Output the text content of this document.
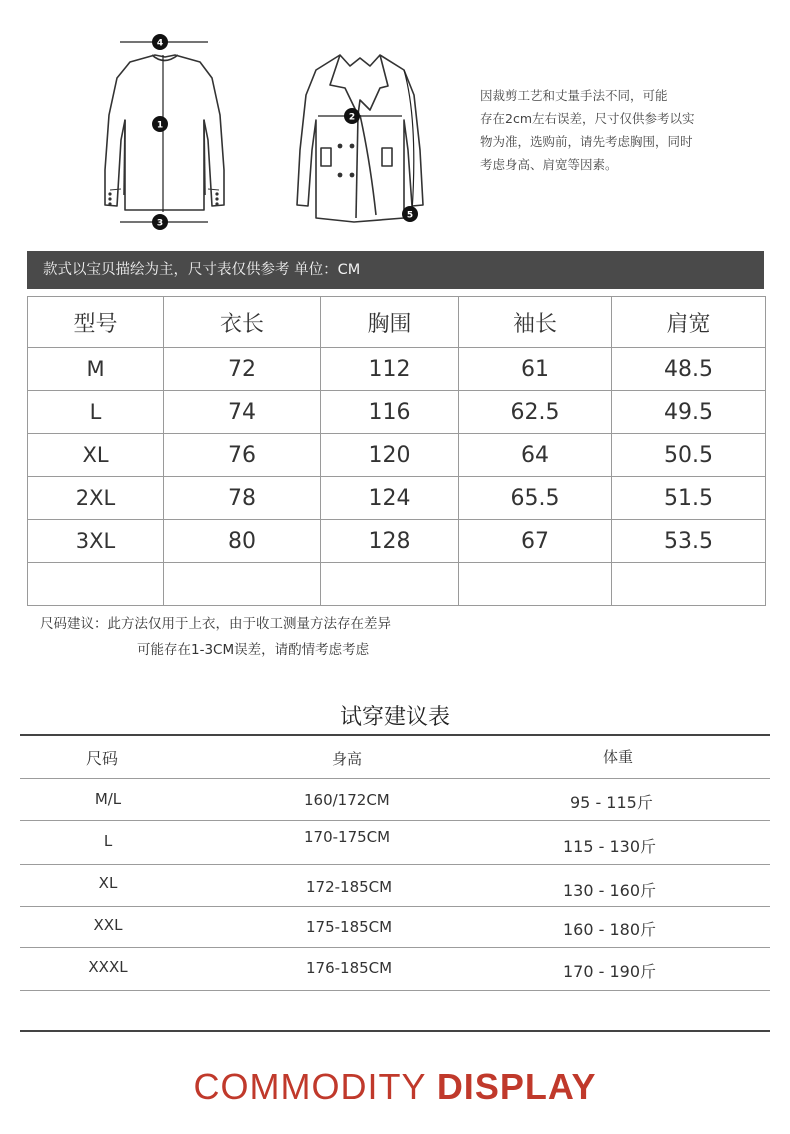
1
2
3
4
5
因裁剪工艺和丈量手法不同，可能
存在2cm左右误差，尺寸仅供参考以实
物为准，选购前，请先考虑胸围，同时
考虑身高、肩宽等因素。
款式以宝贝描绘为主，尺寸表仅供参考 单位：CM
型号	衣长	胸围	袖长	肩宽
M	72	112	61	48.5
L	74	116	62.5	49.5
XL	76	120	64	50.5
2XL	78	124	65.5	51.5
3XL	80	128	67	53.5

尺码建议：此方法仅用于上衣，由于收工测量方法存在差异
可能存在1-3CM误差，请酌情考虑考虑
试穿建议表
尺码	身高	体重
M/L	160/172CM	95 - 115斤
L	170-175CM	115 - 130斤
XL	172-185CM	130 - 160斤
XXL	175-185CM	160 - 180斤
XXXL	176-185CM	170 - 190斤
COMMODITY DISPLAY
